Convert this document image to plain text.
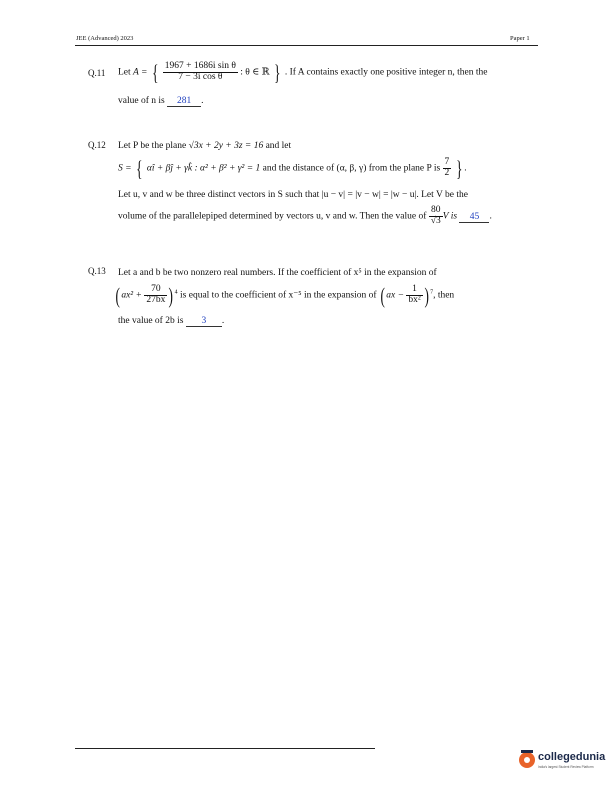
JEE (Advanced) 2023	Paper 1
Q.11 Let A = { $\frac{\text{1967 + 1686i sin θ}}{\text{7 − 3i cos θ}}$ : θ ∈ ℝ } . If A contains exactly one positive integer n, then the
value of n is 281 .
Q.12 Let P be the plane √3x + 2y + 3z = 16 and let
S = { αî + βĵ + γk̂ : α² + β² + γ² = 1 and the distance of (α, β, γ) from the plane P is $\frac{7}{2}$ } .
Let u, v and w be three distinct vectors in S such that |u − v| = |v − w| = |w − u|. Let V be the
volume of the parallelepiped determined by vectors u, v and w. Then the value of $\frac{80}{√3}$ V is 45 .
Q.13 Let a and b be two nonzero real numbers. If the coefficient of x⁵ in the expansion of
$(ax^2 + \frac{70}{27bx} )^4$ is equal to the coefficient of x⁻⁵ in the expansion of $(ax - \frac{1}{\text{bx²}} )^7$, then
the value of 2b is 3 .
collegedunia
India's largest Student Review Platform
